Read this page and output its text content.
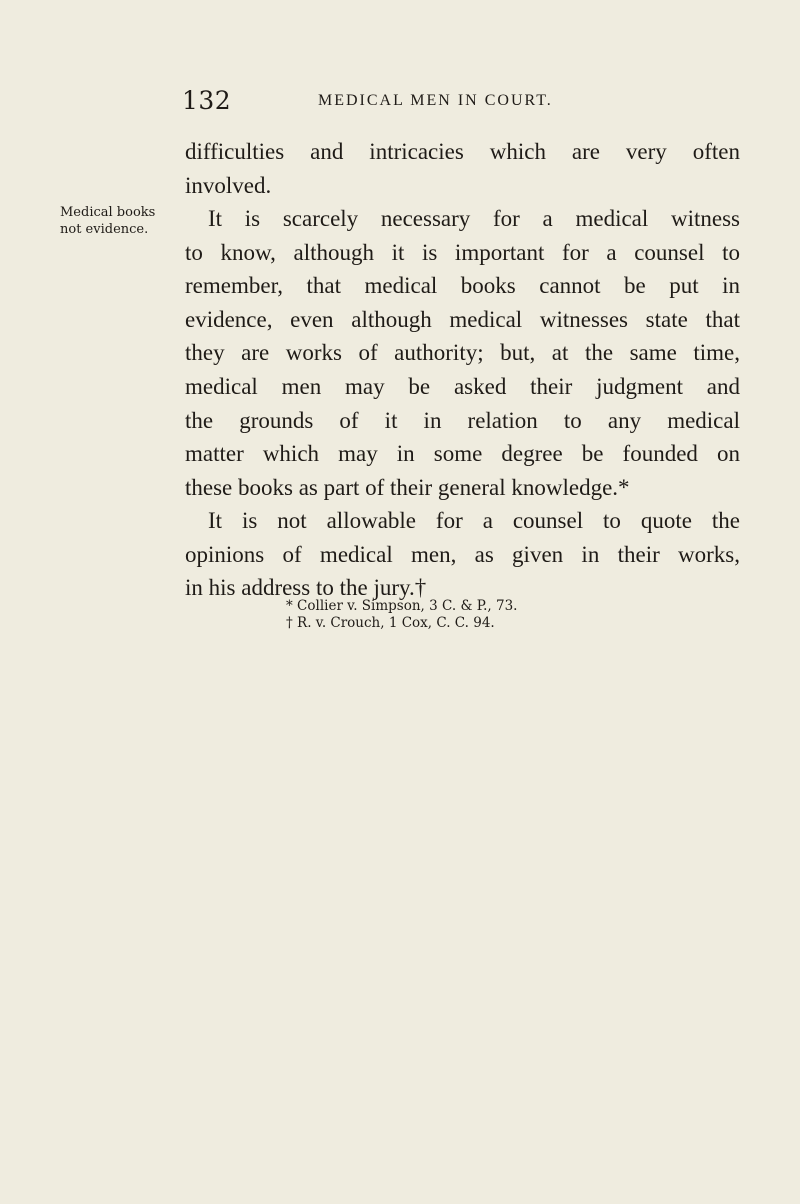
132	MEDICAL MEN IN COURT.
Medical books
not evidence.
difficulties and intricacies which are very often
involved.
It is scarcely necessary for a medical witness
to know, although it is important for a counsel to
remember, that medical books cannot be put in
evidence, even although medical witnesses state that
they are works of authority; but, at the same time,
medical men may be asked their judgment and
the grounds of it in relation to any medical
matter which may in some degree be founded on
these books as part of their general knowledge.*
It is not allowable for a counsel to quote the
opinions of medical men, as given in their works,
in his address to the jury.†
* Collier v. Simpson, 3 C. & P., 73.
† R. v. Crouch, 1 Cox, C. C. 94.
